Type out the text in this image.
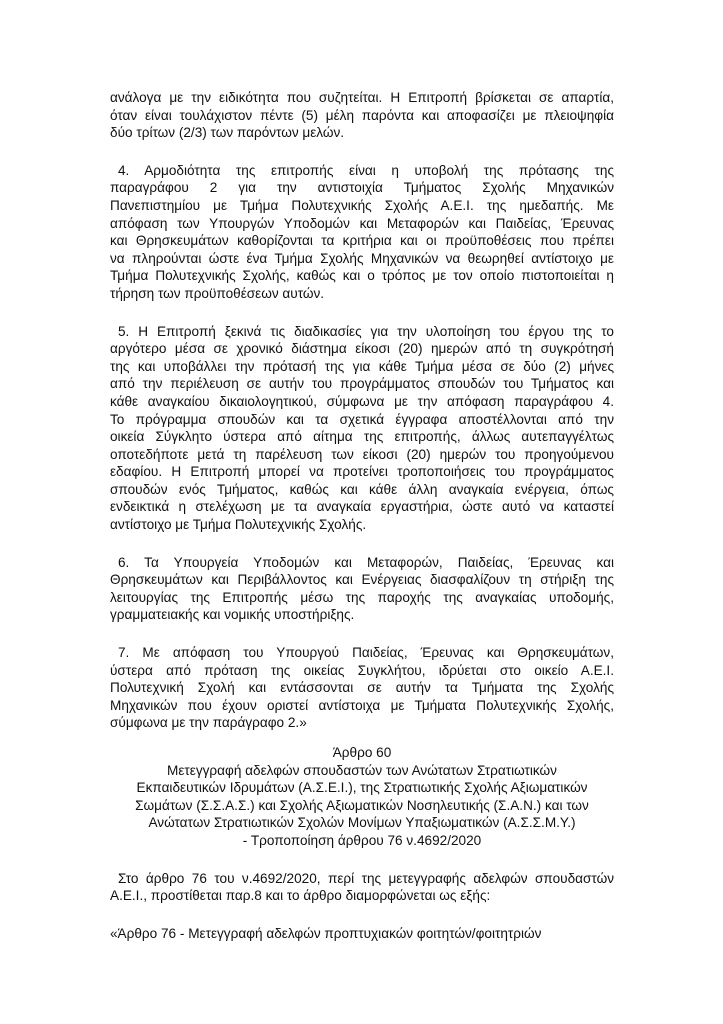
ανάλογα με την ειδικότητα που συζητείται. Η Επιτροπή βρίσκεται σε απαρτία,
όταν είναι τουλάχιστον πέντε (5) μέλη παρόντα και αποφασίζει με πλειοψηφία
δύο τρίτων (2/3) των παρόντων μελών.
4. Αρμοδιότητα της επιτροπής είναι η υποβολή της πρότασης της
παραγράφου 2 για την αντιστοιχία Τμήματος Σχολής Μηχανικών
Πανεπιστημίου με Τμήμα Πολυτεχνικής Σχολής Α.Ε.Ι. της ημεδαπής. Με
απόφαση των Υπουργών Υποδομών και Μεταφορών και Παιδείας, Έρευνας
και Θρησκευμάτων καθορίζονται τα κριτήρια και οι προϋποθέσεις που πρέπει
να πληρούνται ώστε ένα Τμήμα Σχολής Μηχανικών να θεωρηθεί αντίστοιχο με
Τμήμα Πολυτεχνικής Σχολής, καθώς και ο τρόπος με τον οποίο πιστοποιείται η
τήρηση των προϋποθέσεων αυτών.
5. Η Επιτροπή ξεκινά τις διαδικασίες για την υλοποίηση του έργου της το
αργότερο μέσα σε χρονικό διάστημα είκοσι (20) ημερών από τη συγκρότησή
της και υποβάλλει την πρότασή της για κάθε Τμήμα μέσα σε δύο (2) μήνες
από την περιέλευση σε αυτήν του προγράμματος σπουδών του Τμήματος και
κάθε αναγκαίου δικαιολογητικού, σύμφωνα με την απόφαση παραγράφου 4.
Το πρόγραμμα σπουδών και τα σχετικά έγγραφα αποστέλλονται από την
οικεία Σύγκλητο ύστερα από αίτημα της επιτροπής, άλλως αυτεπαγγέλτως
οποτεδήποτε μετά τη παρέλευση των είκοσι (20) ημερών του προηγούμενου
εδαφίου. Η Επιτροπή μπορεί να προτείνει τροποποιήσεις του προγράμματος
σπουδών ενός Τμήματος, καθώς και κάθε άλλη αναγκαία ενέργεια, όπως
ενδεικτικά η στελέχωση με τα αναγκαία εργαστήρια, ώστε αυτό να καταστεί
αντίστοιχο με Τμήμα Πολυτεχνικής Σχολής.
6. Τα Υπουργεία Υποδομών και Μεταφορών, Παιδείας, Έρευνας και
Θρησκευμάτων και Περιβάλλοντος και Ενέργειας διασφαλίζουν τη στήριξη της
λειτουργίας της Επιτροπής μέσω της παροχής της αναγκαίας υποδομής,
γραμματειακής και νομικής υποστήριξης.
7. Με απόφαση του Υπουργού Παιδείας, Έρευνας και Θρησκευμάτων,
ύστερα από πρόταση της οικείας Συγκλήτου, ιδρύεται στο οικείο Α.Ε.Ι.
Πολυτεχνική Σχολή και εντάσσονται σε αυτήν τα Τμήματα της Σχολής
Μηχανικών που έχουν οριστεί αντίστοιχα με Τμήματα Πολυτεχνικής Σχολής,
σύμφωνα με την παράγραφο 2.»
Άρθρο 60
Μετεγγραφή αδελφών σπουδαστών των Ανώτατων Στρατιωτικών
Εκπαιδευτικών Ιδρυμάτων (Α.Σ.Ε.Ι.), της Στρατιωτικής Σχολής Αξιωματικών
Σωμάτων (Σ.Σ.Α.Σ.) και Σχολής Αξιωματικών Νοσηλευτικής (Σ.Α.Ν.) και των
Ανώτατων Στρατιωτικών Σχολών Μονίμων Υπαξιωματικών (Α.Σ.Σ.Μ.Υ.)
- Τροποποίηση άρθρου 76 ν.4692/2020
Στο άρθρο 76 του ν.4692/2020, περί της μετεγγραφής αδελφών σπουδαστών
Α.Ε.Ι., προστίθεται παρ.8 και το άρθρο διαμορφώνεται ως εξής:
«Άρθρο 76 - Μετεγγραφή αδελφών προπτυχιακών φοιτητών/φοιτητριών
